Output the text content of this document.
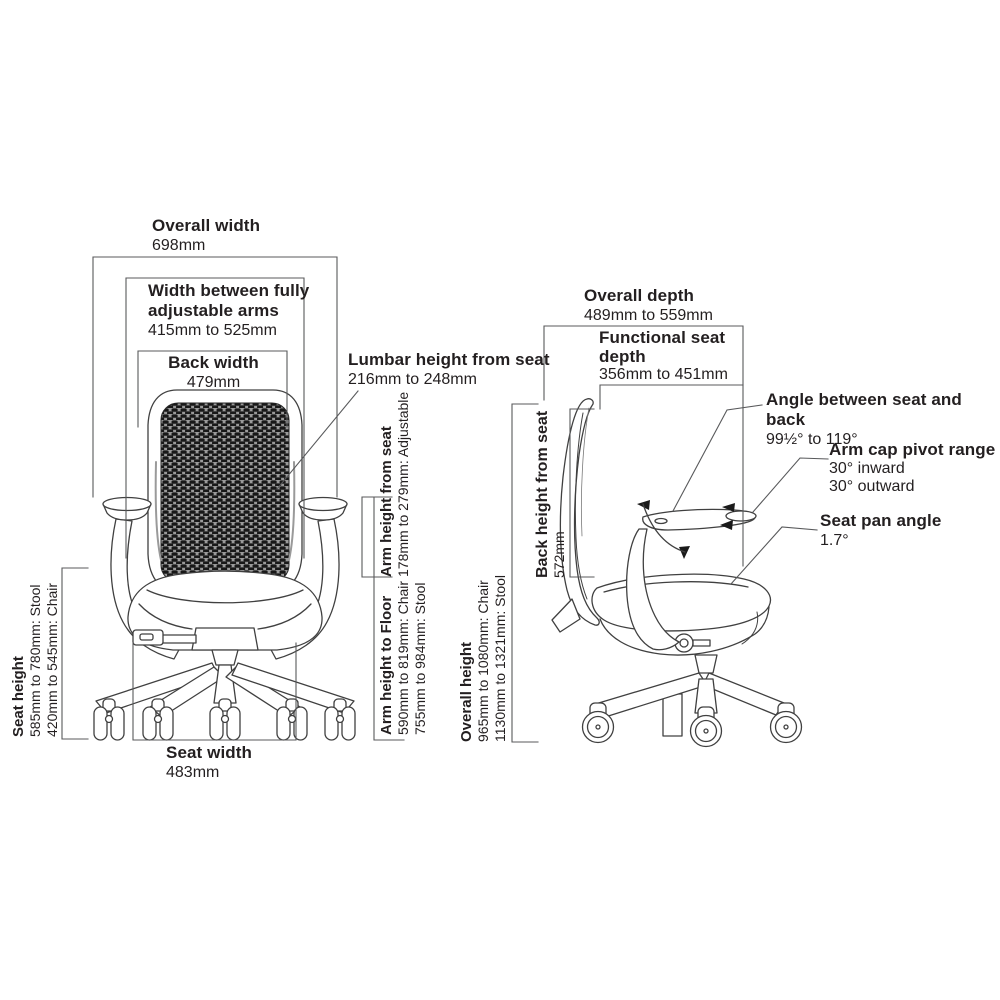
Overall width
698mm
Width between fully adjustable arms
415mm to 525mm
Back width
479mm
Lumbar height from seat
216mm to 248mm
Seat width
483mm
Seat height 585mm to 780mm: Stool 420mm to 545mm: Chair
Arm height from seat 178mm to 279mm: Adjustable
Arm height to Floor 590mm to 819mm: Chair 755mm to 984mm: Stool
Overall depth
489mm to 559mm
Functional seat depth
356mm to 451mm
Back height from seat 572mm
Overall height 965mm to 1080mm: Chair 1130mm to 1321mm: Stool
Angle between seat and back
99½° to 119°
Arm cap pivot range
30° inward
30° outward
Seat pan angle
1.7°
